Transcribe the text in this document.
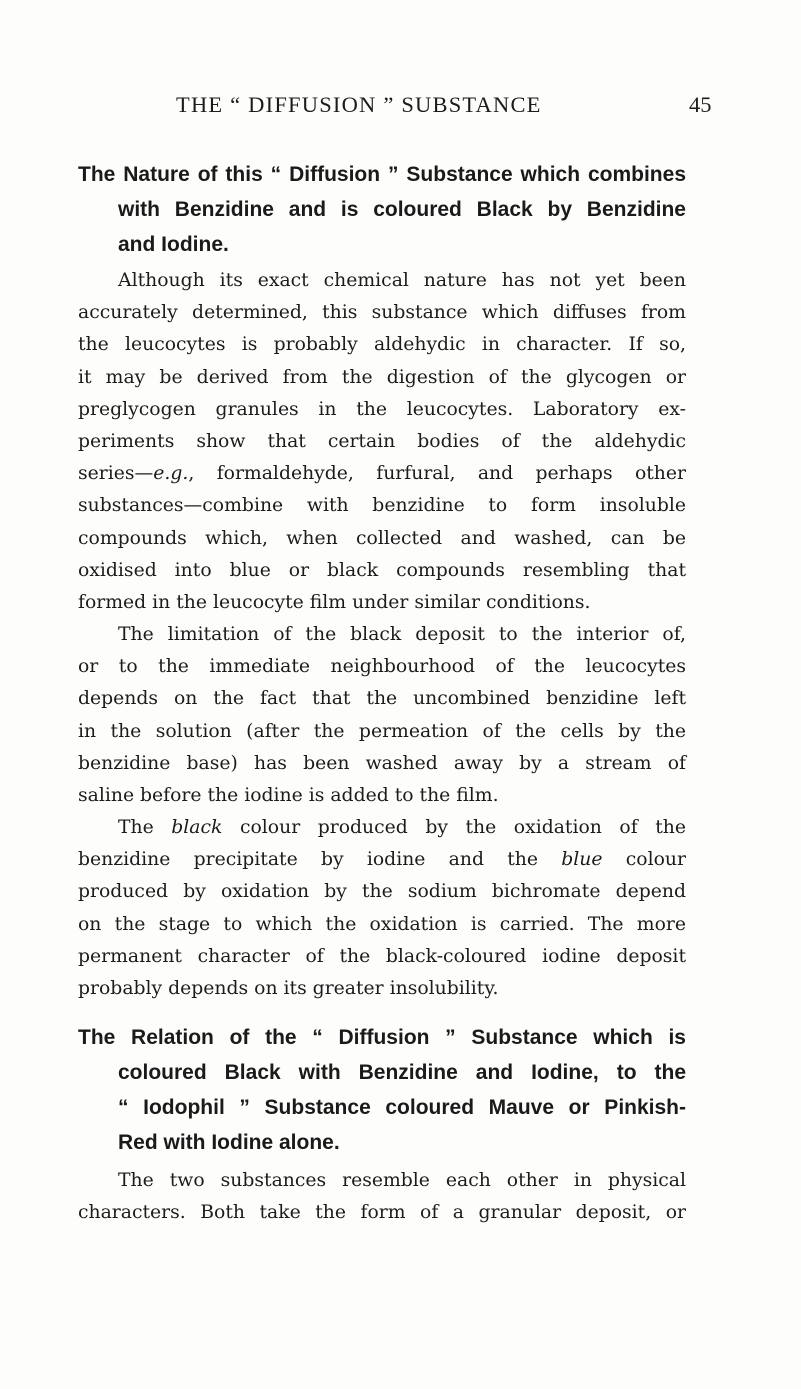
THE “ DIFFUSION ” SUBSTANCE	45
The Nature of this “ Diffusion ” Substance which combines
with Benzidine and is coloured Black by Benzidine
and Iodine.
Although its exact chemical nature has not yet been
accurately determined, this substance which diffuses from
the leucocytes is probably aldehydic in character. If so,
it may be derived from the digestion of the glycogen or
preglycogen granules in the leucocytes. Laboratory ex-
periments show that certain bodies of the aldehydic
series—e.g., formaldehyde, furfural, and perhaps other
substances—combine with benzidine to form insoluble
compounds which, when collected and washed, can be
oxidised into blue or black compounds resembling that
formed in the leucocyte film under similar conditions.
The limitation of the black deposit to the interior of,
or to the immediate neighbourhood of the leucocytes
depends on the fact that the uncombined benzidine left
in the solution (after the permeation of the cells by the
benzidine base) has been washed away by a stream of
saline before the iodine is added to the film.
The black colour produced by the oxidation of the
benzidine precipitate by iodine and the blue colour
produced by oxidation by the sodium bichromate depend
on the stage to which the oxidation is carried. The more
permanent character of the black-coloured iodine deposit
probably depends on its greater insolubility.
The Relation of the “ Diffusion ” Substance which is
coloured Black with Benzidine and Iodine, to the
“ Iodophil ” Substance coloured Mauve or Pinkish-
Red with Iodine alone.
The two substances resemble each other in physical
characters. Both take the form of a granular deposit, or
